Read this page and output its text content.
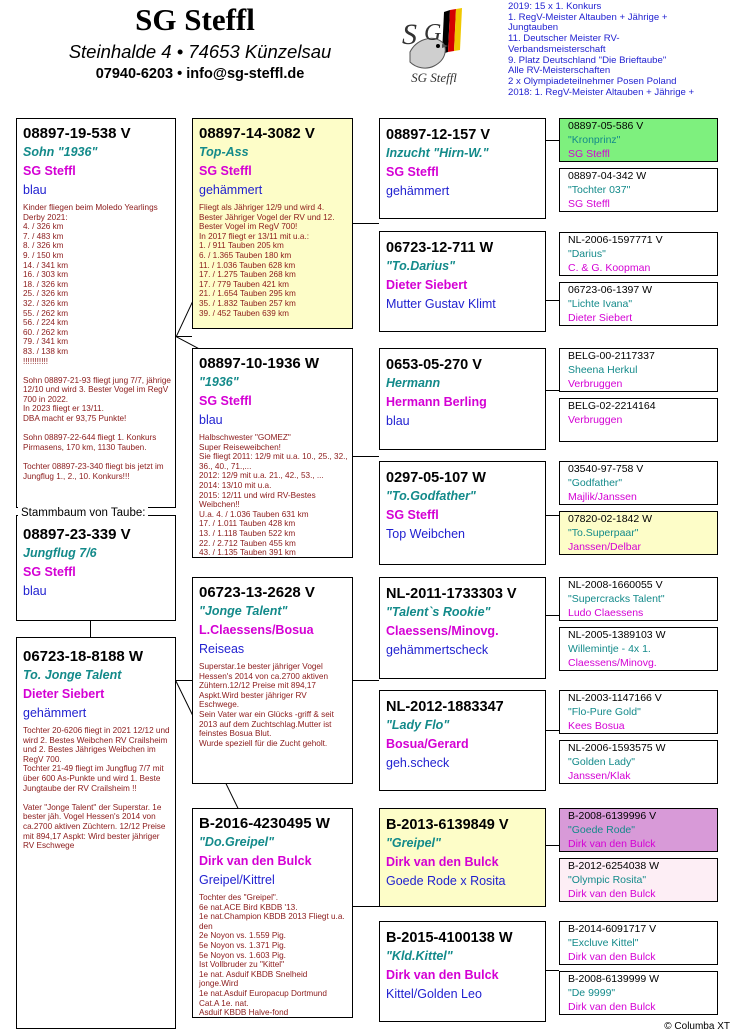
SG Steffl
Steinhalde 4 • 74653 Künzelsau
07940-6203 • info@sg-steffl.de
S G
SG Steffl
2019: 15 x 1. Konkurs
1. RegV-Meister Altauben + Jährige +
Jungtauben
11. Deutscher Meister RV-
Verbandsmeisterschaft
9. Platz Deutschland "Die Brieftaube"
Alle RV-Meisterschaften
2 x Olympiadeteilnehmer Posen Poland
2018: 1. RegV-Meister Altauben + Jährige +
08897-19-538 V
Sohn "1936"
SG Steffl
blau
Kinder fliegen beim Moledo Yearlings Derby 2021:
4. / 326 km
7. / 483 km
8. / 326 km
9. / 150 km
14. / 341 km
16. / 303 km
18. / 326 km
25. / 326 km
32. / 326 km
55. / 262 km
56. / 224 km
60. / 262 km
79. / 341 km
83. / 138 km
!!!!!!!!!!!

Sohn 08897-21-93 fliegt jung 7/7, jährige 12/10 und wird 3. Bester Vogel im RegV 700 in 2022.
In 2023 fliegt er 13/11.
DBA macht er 93,75 Punkte!

Sohn 08897-22-644 fliegt 1. Konkurs Pirmasens, 170 km, 1130 Tauben.

Tochter 08897-23-340 fliegt bis jetzt im Jungflug 1., 2., 10. Konkurs!!!
08897-23-339 V
Jungflug 7/6
SG Steffl
blau
Stammbaum von Taube:
06723-18-8188 W
To. Jonge Talent
Dieter Siebert
gehämmert
Tochter 20-6206 fliegt in 2021 12/12 und wird 2. Bestes Weibchen RV Crailsheim und 2. Bestes Jähriges Weibchen im RegV 700.
Tochter 21-49 fliegt im Jungflug 7/7 mit über 600 As-Punkte und wird 1. Beste Jungtaube der RV Crailsheim !!

Vater "Jonge Talent" der Superstar. 1e bester jäh. Vogel Hessen's 2014 von ca.2700 aktiven Züchtern. 12/12 Preise mit 894,17 Aspkt: Wird bester jähriger RV Eschwege
08897-14-3082 V
Top-Ass
SG Steffl
gehämmert
Fliegt als Jähriger 12/9 und wird 4. Bester Jähriger Vogel der RV und 12. Bester Vogel im RegV 700!
In 2017 fliegt er 13/11 mit u.a.:
1. / 911 Tauben 205 km
6. / 1.365 Tauben 180 km
11. / 1.036 Tauben 628 km
17. / 1.275 Tauben 268 km
17. / 779 Tauben 421 km
21. / 1.654 Tauben 295 km
35. / 1.832 Tauben 257 km
39. / 452 Tauben 639 km
08897-10-1936 W
"1936"
SG Steffl
blau
Halbschwester "GOMEZ"
Super Reiseweibchen!
Sie fliegt 2011: 12/9 mit u.a. 10., 25., 32., 36., 40., 71.,...
2012: 12/9 mit u.a. 21., 42., 53., ...
2014: 13/10 mit u.a.
2015: 12/11 und wird RV-Bestes Weibchen!!
U.a. 4. / 1.036 Tauben 631 km
17. / 1.011 Tauben 428 km
13. / 1.118 Tauben 522 km
22. / 2.712 Tauben 455 km
43. / 1.135 Tauben 391 km
06723-13-2628 V
"Jonge Talent"
L.Claessens/Bosua
Reiseas
Superstar.1e bester jähriger Vogel Hessen's 2014 von ca.2700 aktiven Zühtern.12/12 Preise mit 894,17 Aspkt.Wird bester jähriger RV Eschwege.
Sein Vater war ein Glücks -griff & seit 2013 auf dem Zuchtschlag.Mutter ist feinstes Bosua Blut.
Wurde speziell für die Zucht geholt.
B-2016-4230495 W
"Do.Greipel"
Dirk van den Bulck
Greipel/Kittrel
Tochter des "Greipel".
6e nat.ACE Bird KBDB '13.
1e nat.Champion KBDB 2013 Fliegt u.a. den
2e Noyon vs. 1.559 Pig.
5e Noyon vs. 1.371 Pig.
5e Noyon vs. 1.603 Pig.
Ist Vollbruder zu "Kittel"
1e nat. Asduif KBDB Snelheid jonge.Wird
1e nat.Asduif Europacup Dortmund Cat.A 1e. nat.
Asduif KBDB Halve-fond
08897-12-157 V
Inzucht "Hirn-W."
SG Steffl
gehämmert
06723-12-711 W
"To.Darius"
Dieter Siebert
Mutter Gustav Klimt
0653-05-270 V
Hermann
Hermann Berling
blau
0297-05-107 W
"To.Godfather"
SG Steffl
Top Weibchen
NL-2011-1733303 V
"Talent`s Rookie"
Claessens/Minovg.
gehämmertscheck
NL-2012-1883347
"Lady Flo"
Bosua/Gerard
geh.scheck
B-2013-6139849 V
"Greipel"
Dirk van den Bulck
Goede Rode x Rosita
B-2015-4100138 W
"Kld.Kittel"
Dirk van den Bulck
Kittel/Golden Leo
08897-05-586 V
"Kronprinz"
SG Steffl
08897-04-342 W
"Tochter 037"
SG Steffl
NL-2006-1597771 V
"Darius"
C. & G. Koopman
06723-06-1397 W
"Lichte Ivana"
Dieter Siebert
BELG-00-2117337
Sheena Herkul
Verbruggen
BELG-02-2214164
Verbruggen
03540-97-758 V
"Godfather"
Majlik/Janssen
07820-02-1842 W
"To.Superpaar"
Janssen/Delbar
NL-2008-1660055 V
"Supercracks Talent"
Ludo Claessens
NL-2005-1389103 W
Willemintje - 4x 1.
Claessens/Minovg.
NL-2003-1147166 V
"Flo-Pure Gold"
Kees Bosua
NL-2006-1593575 W
"Golden Lady"
Janssen/Klak
B-2008-6139996 V
"Goede Rode"
Dirk van den Bulck
B-2012-6254038 W
"Olympic Rosita"
Dirk van den Bulck
B-2014-6091717 V
"Excluve Kittel"
Dirk van den Bulck
B-2008-6139999 W
"De 9999"
Dirk van den Bulck
© Columba XT
